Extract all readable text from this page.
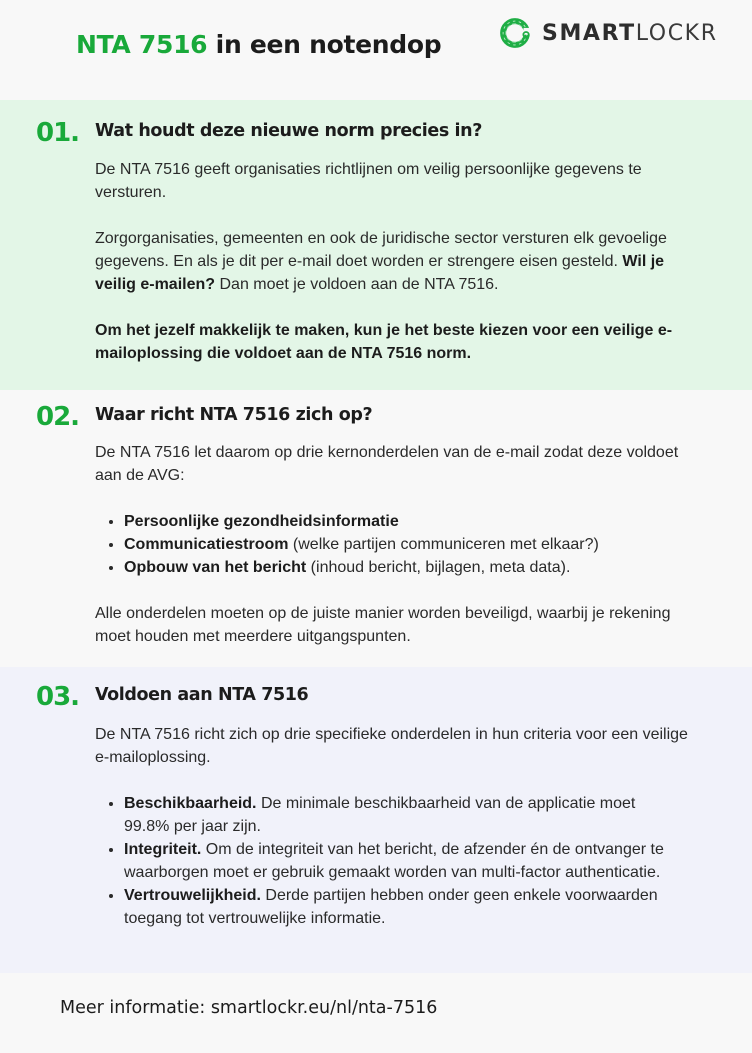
NTA 7516 in een notendop	SMARTLOCKR
01. Wat houdt deze nieuwe norm precies in?

De NTA 7516 geeft organisaties richtlijnen om veilig persoonlijke gegevens te versturen.

Zorgorganisaties, gemeenten en ook de juridische sector versturen elk gevoelige gegevens. En als je dit per e-mail doet worden er strengere eisen gesteld. Wil je veilig e-mailen? Dan moet je voldoen aan de NTA 7516.

Om het jezelf makkelijk te maken, kun je het beste kiezen voor een veilige e-mailoplossing die voldoet aan de NTA 7516 norm.

02. Waar richt NTA 7516 zich op?

De NTA 7516 let daarom op drie kernonderdelen van de e-mail zodat deze voldoet aan de AVG:

• Persoonlijke gezondheidsinformatie
• Communicatiestroom (welke partijen communiceren met elkaar?)
• Opbouw van het bericht (inhoud bericht, bijlagen, meta data).

Alle onderdelen moeten op de juiste manier worden beveiligd, waarbij je rekening moet houden met meerdere uitgangspunten.

03. Voldoen aan NTA 7516

De NTA 7516 richt zich op drie specifieke onderdelen in hun criteria voor een veilige e-mailoplossing.

• Beschikbaarheid. De minimale beschikbaarheid van de applicatie moet 99.8% per jaar zijn.
• Integriteit. Om de integriteit van het bericht, de afzender én de ontvanger te waarborgen moet er gebruik gemaakt worden van multi-factor authenticatie.
• Vertrouwelijkheid. Derde partijen hebben onder geen enkele voorwaarden toegang tot vertrouwelijke informatie.
Meer informatie: smartlockr.eu/nl/nta-7516
